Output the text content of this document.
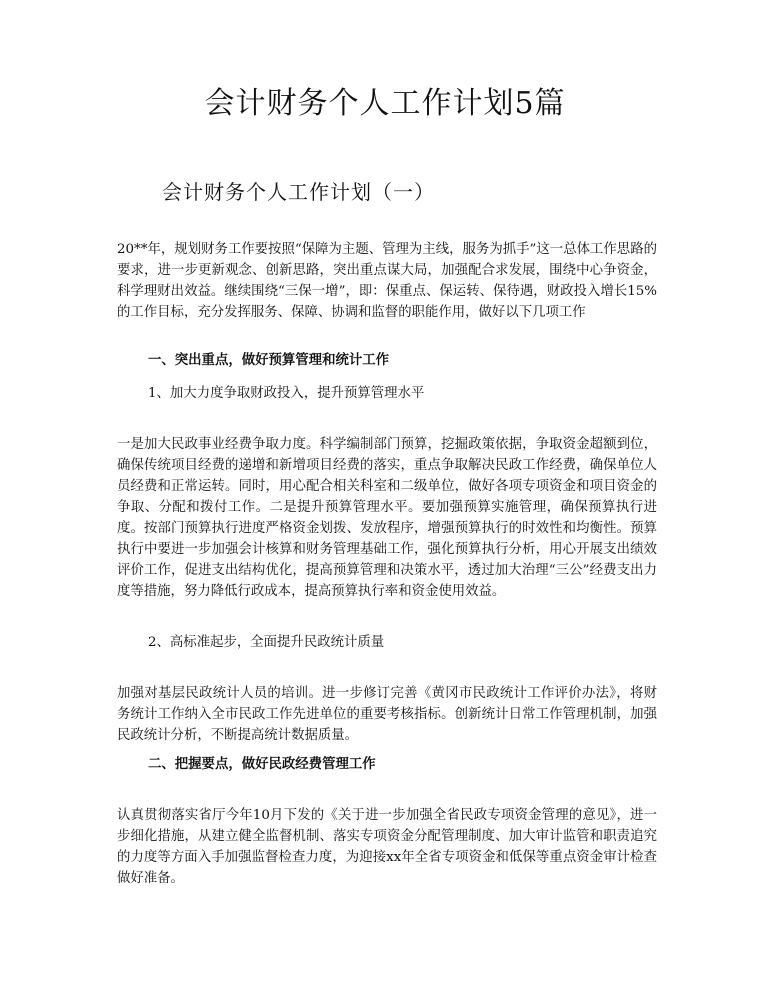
会计财务个人工作计划5篇
会计财务个人工作计划（一）

20**年，规划财务工作要按照“保障为主题、管理为主线，服务为抓手”这一总体工作思路的要求，进一步更新观念、创新思路，突出重点谋大局，加强配合求发展，围绕中心争资金，科学理财出效益。继续围绕“三保一增”，即：保重点、保运转、保待遇，财政投入增长15%的工作目标，充分发挥服务、保障、协调和监督的职能作用，做好以下几项工作

一、突出重点，做好预算管理和统计工作

1、加大力度争取财政投入，提升预算管理水平

一是加大民政事业经费争取力度。科学编制部门预算，挖掘政策依据，争取资金超额到位，确保传统项目经费的递增和新增项目经费的落实，重点争取解决民政工作经费，确保单位人员经费和正常运转。同时，用心配合相关科室和二级单位，做好各项专项资金和项目资金的争取、分配和拨付工作。二是提升预算管理水平。要加强预算实施管理，确保预算执行进度。按部门预算执行进度严格资金划拨、发放程序，增强预算执行的时效性和均衡性。预算执行中要进一步加强会计核算和财务管理基础工作，强化预算执行分析，用心开展支出绩效评价工作，促进支出结构优化，提高预算管理和决策水平，透过加大治理“三公”经费支出力度等措施，努力降低行政成本，提高预算执行率和资金使用效益。

2、高标准起步，全面提升民政统计质量

加强对基层民政统计人员的培训。进一步修订完善《黄冈市民政统计工作评价办法》，将财务统计工作纳入全市民政工作先进单位的重要考核指标。创新统计日常工作管理机制，加强民政统计分析，不断提高统计数据质量。

二、把握要点，做好民政经费管理工作

认真贯彻落实省厅今年10月下发的《关于进一步加强全省民政专项资金管理的意见》，进一步细化措施，从建立健全监督机制、落实专项资金分配管理制度、加大审计监管和职责追究的力度等方面入手加强监督检查力度，为迎接xx年全省专项资金和低保等重点资金审计检查做好准备。
